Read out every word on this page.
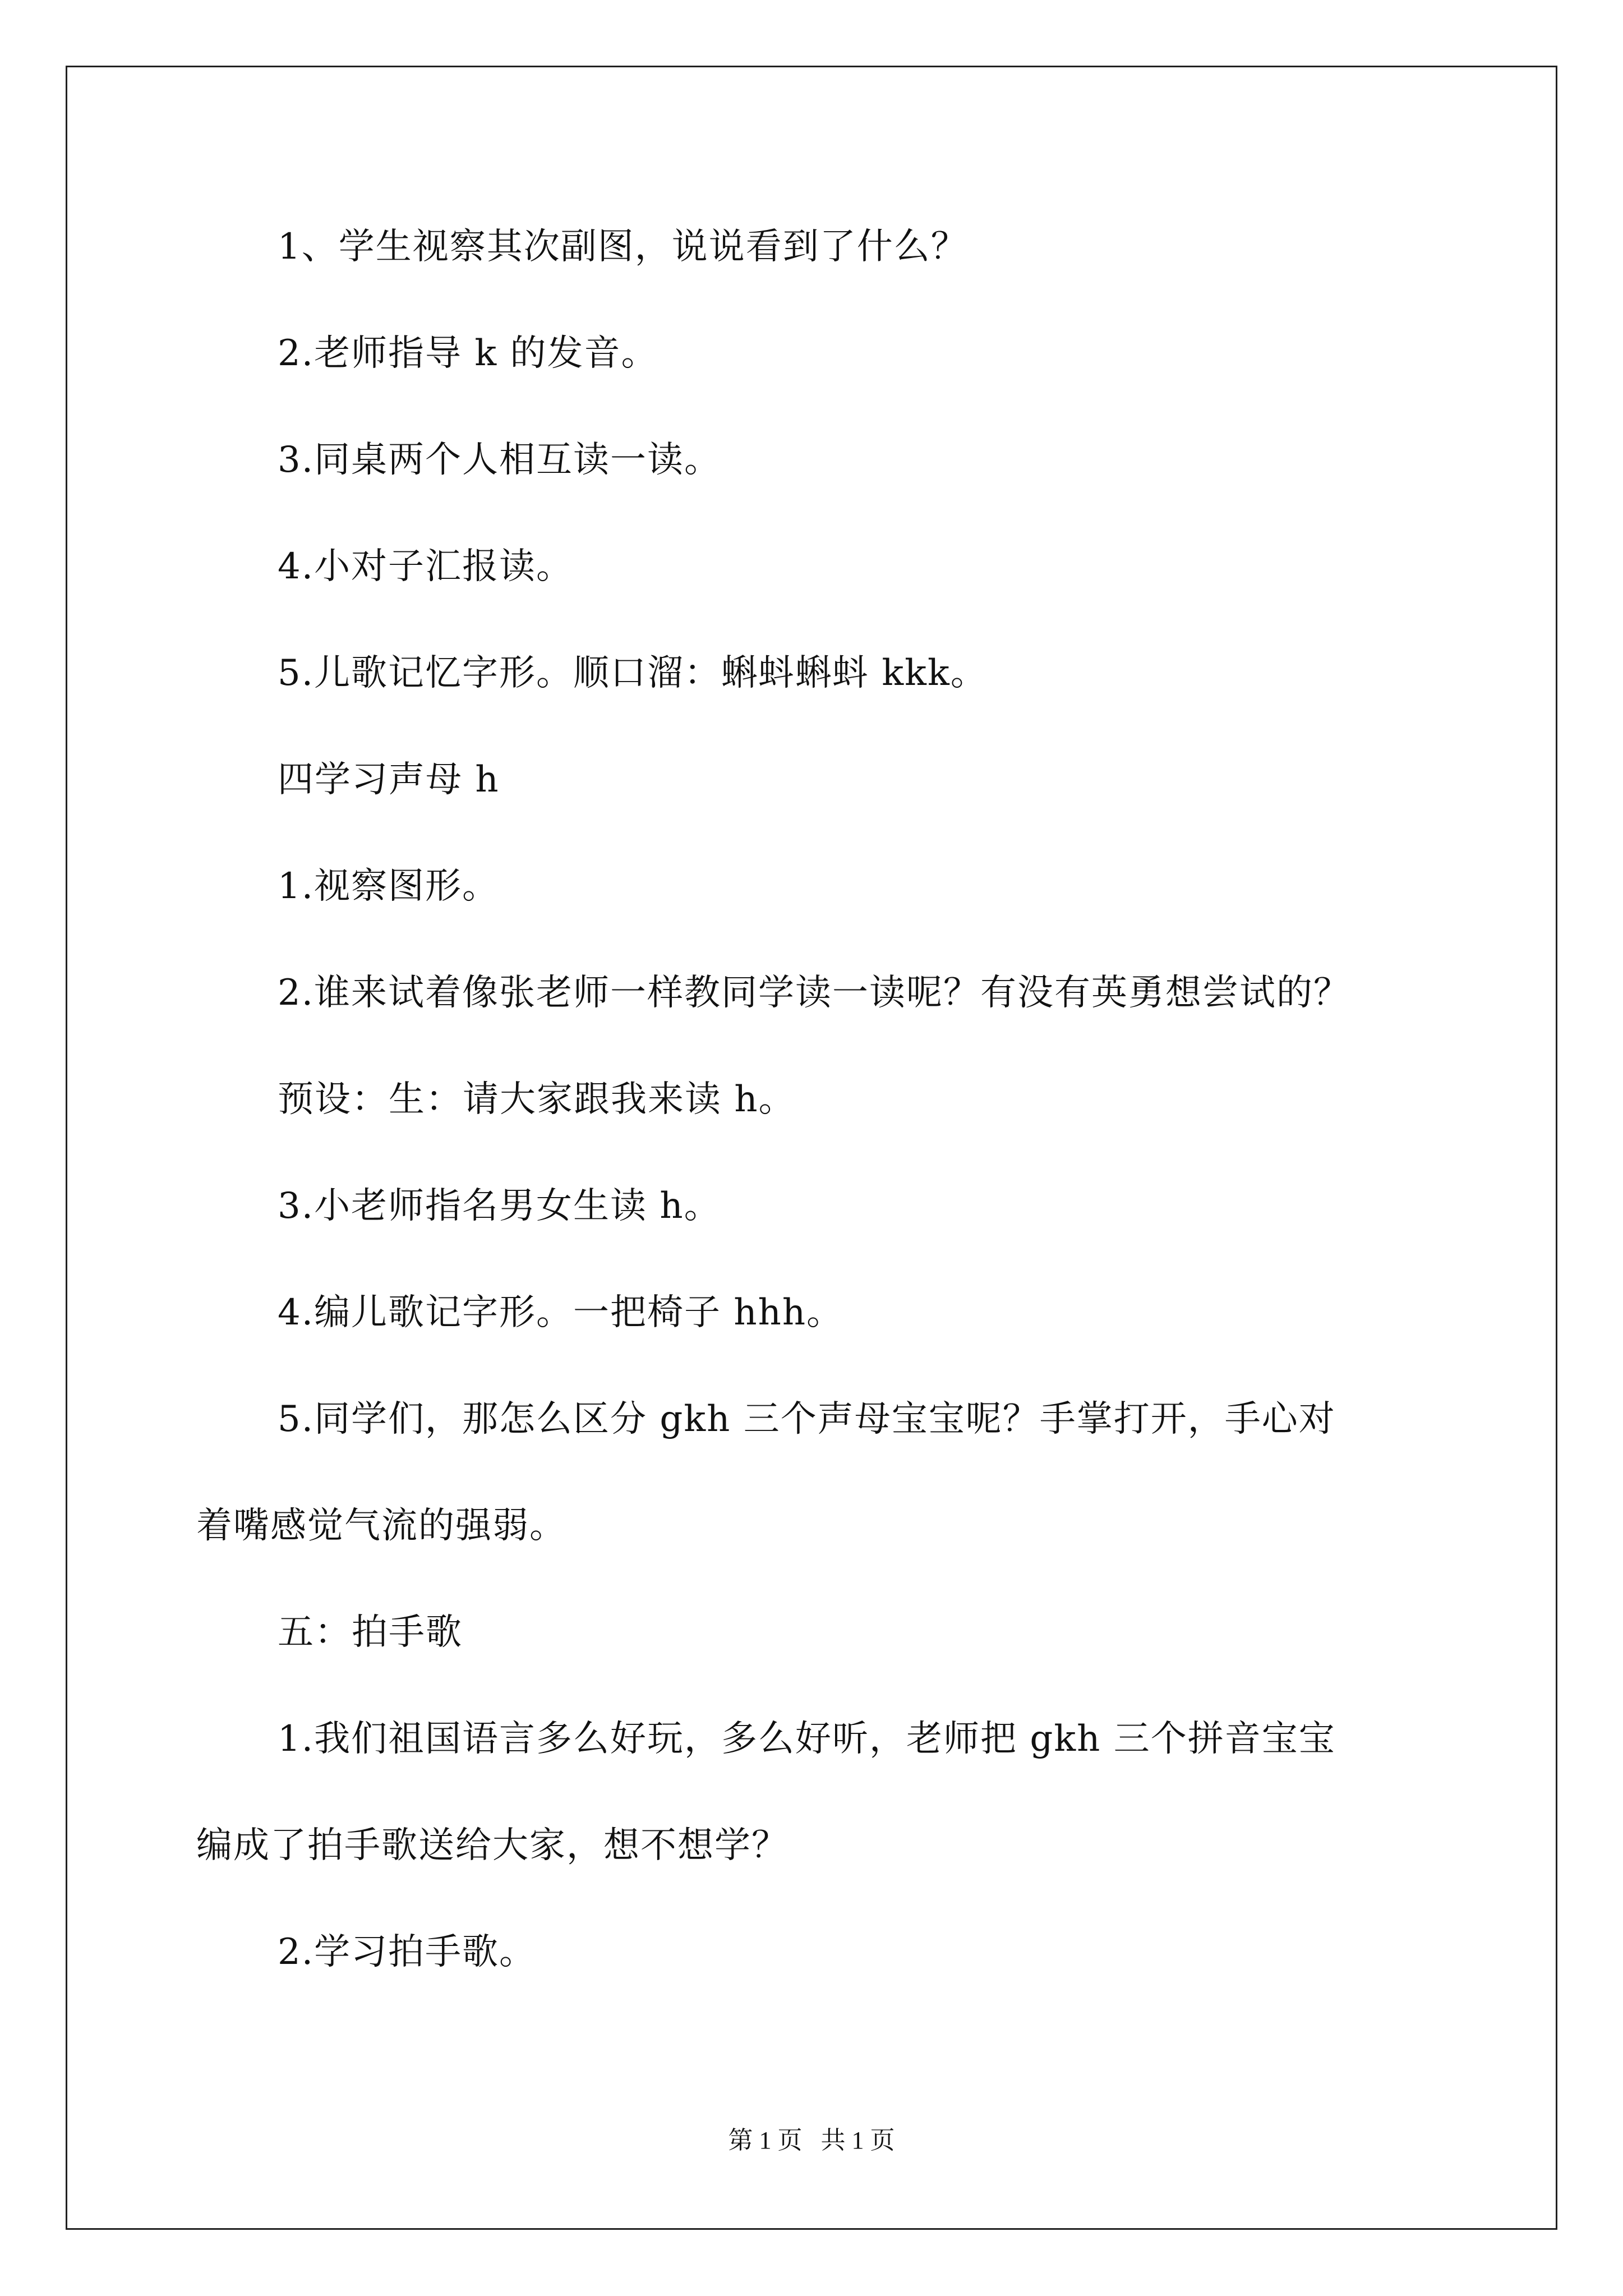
1、学生视察其次副图，说说看到了什么？

2.老师指导 k 的发音。

3.同桌两个人相互读一读。

4.小对子汇报读。

5.儿歌记忆字形。顺口溜：蝌蚪蝌蚪 kkk。

四学习声母 h

1.视察图形。

2.谁来试着像张老师一样教同学读一读呢？有没有英勇想尝试的？

预设：生：请大家跟我来读 h。

3.小老师指名男女生读 h。

4.编儿歌记字形。一把椅子 hhh。

5.同学们，那怎么区分 gkh 三个声母宝宝呢？手掌打开，手心对

着嘴感觉气流的强弱。

五：拍手歌

1.我们祖国语言多么好玩，多么好听，老师把 gkh 三个拼音宝宝

编成了拍手歌送给大家，想不想学？

2.学习拍手歌。

第 1 页   共 1 页
